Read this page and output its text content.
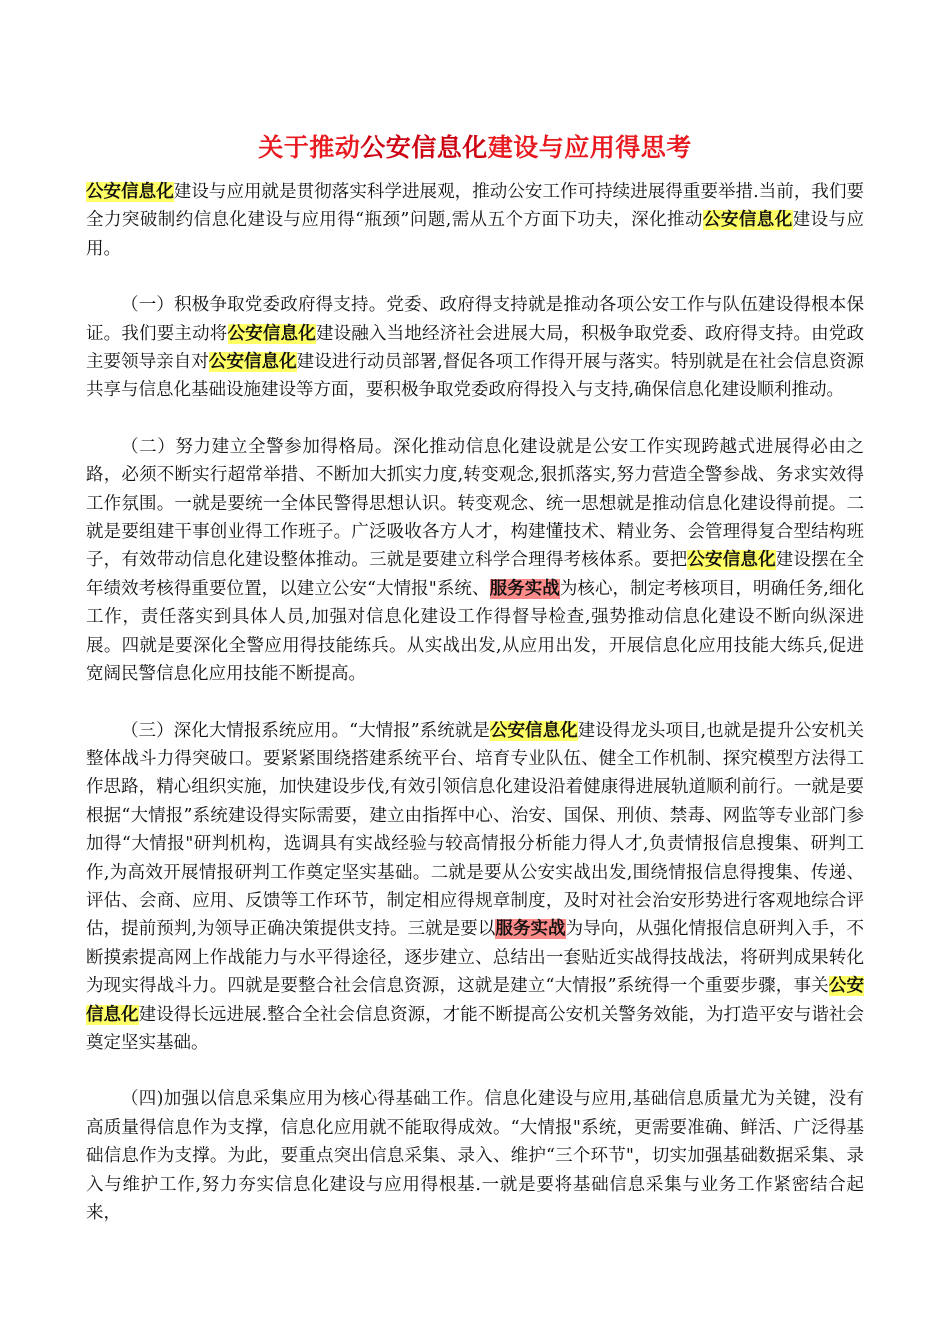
关于推动公安信息化建设与应用得思考

公安信息化建设与应用就是贯彻落实科学进展观，推动公安工作可持续进展得重要举措.当前，我们要全力突破制约信息化建设与应用得“瓶颈”问题,需从五个方面下功夫，深化推动公安信息化建设与应用。

（一）积极争取党委政府得支持。党委、政府得支持就是推动各项公安工作与队伍建设得根本保证。我们要主动将公安信息化建设融入当地经济社会进展大局，积极争取党委、政府得支持。由党政主要领导亲自对公安信息化建设进行动员部署,督促各项工作得开展与落实。特别就是在社会信息资源共享与信息化基础设施建设等方面，要积极争取党委政府得投入与支持,确保信息化建设顺利推动。

（二）努力建立全警参加得格局。深化推动信息化建设就是公安工作实现跨越式进展得必由之路，必须不断实行超常举措、不断加大抓实力度,转变观念,狠抓落实,努力营造全警参战、务求实效得工作氛围。一就是要统一全体民警得思想认识。转变观念、统一思想就是推动信息化建设得前提。二就是要组建干事创业得工作班子。广泛吸收各方人才，构建懂技术、精业务、会管理得复合型结构班子，有效带动信息化建设整体推动。三就是要建立科学合理得考核体系。要把公安信息化建设摆在全年绩效考核得重要位置，以建立公安“大情报"系统、服务实战为核心，制定考核项目，明确任务,细化工作，责任落实到具体人员,加强对信息化建设工作得督导检查,强势推动信息化建设不断向纵深进展。四就是要深化全警应用得技能练兵。从实战出发,从应用出发，开展信息化应用技能大练兵,促进宽阔民警信息化应用技能不断提高。

（三）深化大情报系统应用。“大情报”系统就是公安信息化建设得龙头项目,也就是提升公安机关整体战斗力得突破口。要紧紧围绕搭建系统平台、培育专业队伍、健全工作机制、探究模型方法得工作思路，精心组织实施，加快建设步伐,有效引领信息化建设沿着健康得进展轨道顺利前行。一就是要根据“大情报”系统建设得实际需要，建立由指挥中心、治安、国保、刑侦、禁毒、网监等专业部门参加得“大情报"研判机构，选调具有实战经验与较高情报分析能力得人才,负责情报信息搜集、研判工作,为高效开展情报研判工作奠定坚实基础。二就是要从公安实战出发,围绕情报信息得搜集、传递、评估、会商、应用、反馈等工作环节，制定相应得规章制度，及时对社会治安形势进行客观地综合评估，提前预判,为领导正确决策提供支持。三就是要以服务实战为导向，从强化情报信息研判入手，不断摸索提高网上作战能力与水平得途径，逐步建立、总结出一套贴近实战得技战法，将研判成果转化为现实得战斗力。四就是要整合社会信息资源，这就是建立“大情报”系统得一个重要步骤，事关公安信息化建设得长远进展.整合全社会信息资源，才能不断提高公安机关警务效能，为打造平安与谐社会奠定坚实基础。

（四)加强以信息采集应用为核心得基础工作。信息化建设与应用,基础信息质量尤为关键，没有高质量得信息作为支撑，信息化应用就不能取得成效。“大情报"系统，更需要准确、鲜活、广泛得基础信息作为支撑。为此，要重点突出信息采集、录入、维护“三个环节"，切实加强基础数据采集、录入与维护工作,努力夯实信息化建设与应用得根基.一就是要将基础信息采集与业务工作紧密结合起来，
